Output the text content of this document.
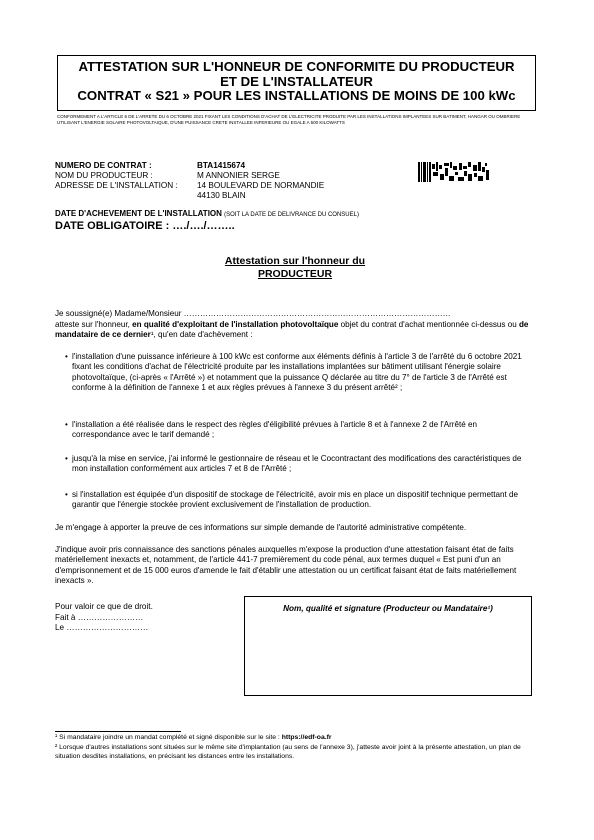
ATTESTATION SUR L'HONNEUR DE CONFORMITE DU PRODUCTEUR
ET DE L'INSTALLATEUR
CONTRAT « S21 » POUR LES INSTALLATIONS DE MOINS DE 100 kWc
CONFORMEMENT A L'ARTICLE 6 DE L'ARRETE DU 6 OCTOBRE 2021 FIXANT LES CONDITIONS D'ACHAT DE L'ELECTRICITE PRODUITE PAR LES INSTALLATIONS IMPLANTEES SUR BATIMENT, HANGAR OU OMBRIERE UTILISANT L'ENERGIE SOLAIRE PHOTOVOLTAIQUE, D'UNE PUISSANCE CRETE INSTALLEE INFERIEURE OU EGALE A 500 KILOWATTS
NUMERO DE CONTRAT :	BTA1415674
NOM DU PRODUCTEUR :	M ANNONIER SERGE
ADRESSE DE L'INSTALLATION : 14 BOULEVARD DE NORMANDIE
44130 BLAIN
DATE D'ACHEVEMENT DE L'INSTALLATION (SOIT LA DATE DE DELIVRANCE DU CONSUEL)
DATE OBLIGATOIRE : …./…./……..
Attestation sur l'honneur du
PRODUCTEUR
Je soussigné(e) Madame/Monsieur ………………………………………………………………………………………
atteste sur l'honneur, en qualité d'exploitant de l'installation photovoltaïque objet du contrat d'achat mentionnée ci-dessus ou de mandataire de ce dernier¹, qu'en date d'achèvement :
• l'installation d'une puissance inférieure à 100 kWc est conforme aux éléments définis à l'article 3 de l'arrêté du 6 octobre 2021 fixant les conditions d'achat de l'électricité produite par les installations implantées sur bâtiment utilisant l'énergie solaire photovoltaïque, (ci-après « l'Arrêté ») et notamment que la puissance Q déclarée au titre du 7° de l'article 3 de l'Arrêté est conforme à la définition de l'annexe 1 et aux règles prévues à l'annexe 3 du présent arrêté² ;
• l'installation a été réalisée dans le respect des règles d'éligibilité prévues à l'article 8 et à l'annexe 2 de l'Arrêté en correspondance avec le tarif demandé ;
• jusqu'à la mise en service, j'ai informé le gestionnaire de réseau et le Cocontractant des modifications des caractéristiques de mon installation conformément aux articles 7 et 8 de l'Arrêté ;
• si l'installation est équipée d'un dispositif de stockage de l'électricité, avoir mis en place un dispositif technique permettant de garantir que l'énergie stockée provient exclusivement de l'installation de production.
Je m'engage à apporter la preuve de ces informations sur simple demande de l'autorité administrative compétente.
J'indique avoir pris connaissance des sanctions pénales auxquelles m'expose la production d'une attestation faisant état de faits matériellement inexacts et, notamment, de l'article 441-7 premièrement du code pénal, aux termes duquel « Est puni d'un an d'emprisonnement et de 15 000 euros d'amende le fait d'établir une attestation ou un certificat faisant état de faits matériellement inexacts ».
Pour valoir ce que de droit.
Fait à ……………………
Le …………………………
Nom, qualité et signature (Producteur ou Mandataire¹)
¹ Si mandataire joindre un mandat complété et signé disponible sur le site : https://edf-oa.fr
² Lorsque d'autres installations sont situées sur le même site d'implantation (au sens de l'annexe 3), j'atteste avoir joint à la présente attestation, un plan de situation desdites installations, en précisant les distances entre les installations.
